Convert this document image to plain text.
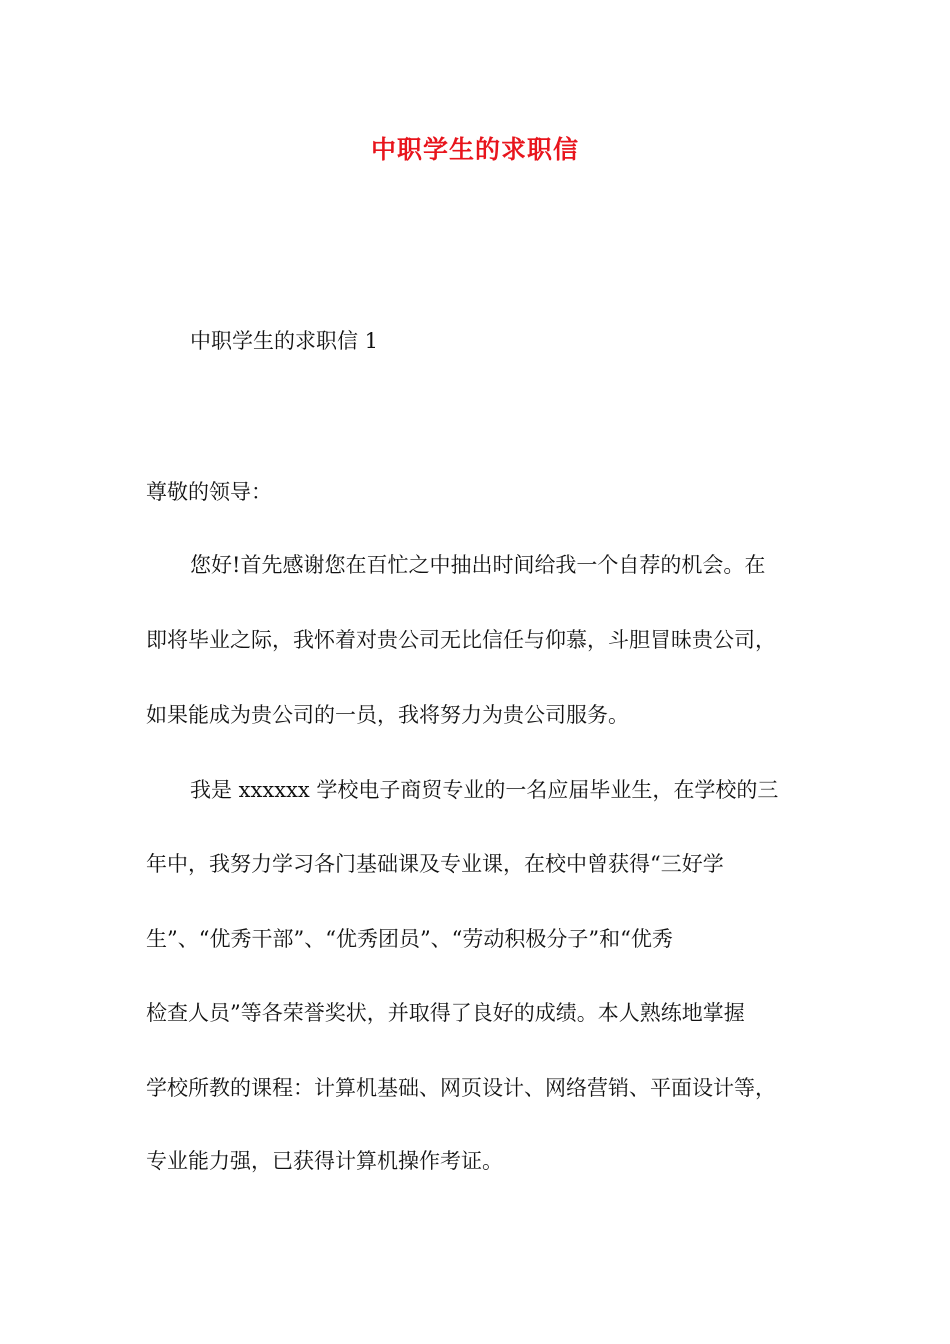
中职学生的求职信
中职学生的求职信 1
尊敬的领导：
您好!首先感谢您在百忙之中抽出时间给我一个自荐的机会。在
即将毕业之际，我怀着对贵公司无比信任与仰慕，斗胆冒昧贵公司，
如果能成为贵公司的一员，我将努力为贵公司服务。
我是 xxxxxx 学校电子商贸专业的一名应届毕业生，在学校的三
年中，我努力学习各门基础课及专业课，在校中曾获得“三好学
生”、“优秀干部”、“优秀团员”、“劳动积极分子”和“优秀
检查人员”等各荣誉奖状，并取得了良好的成绩。本人熟练地掌握
学校所教的课程：计算机基础、网页设计、网络营销、平面设计等，
专业能力强，已获得计算机操作考证。
